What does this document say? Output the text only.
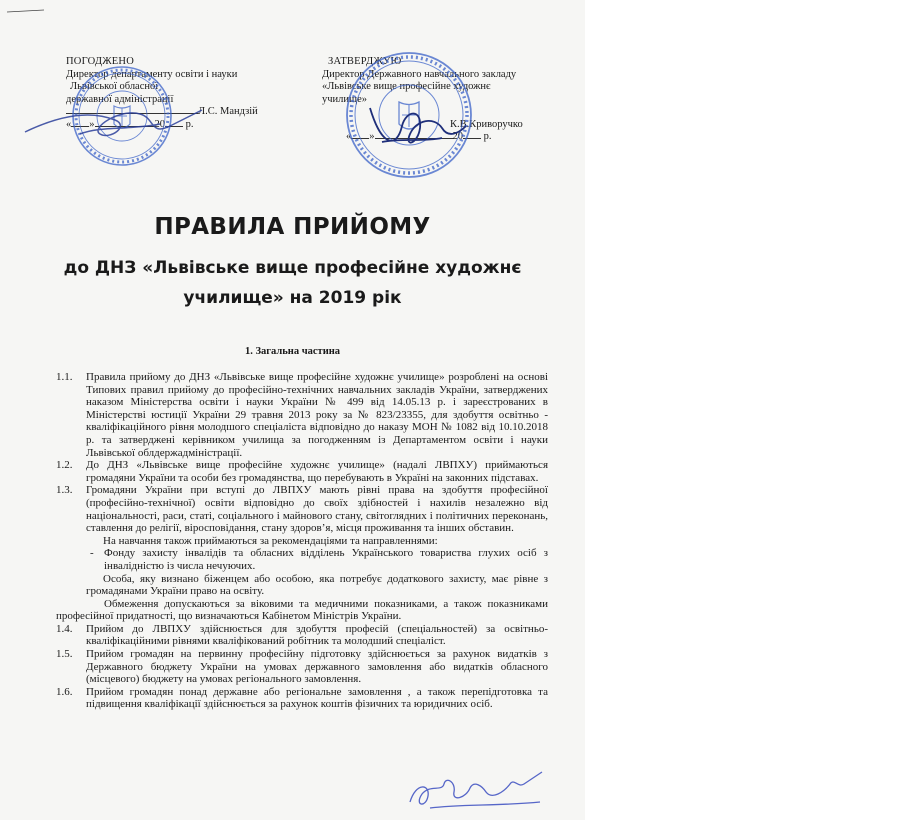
ПОГОДЖЕНО
Директор департаменту освіти і науки
Львівської обласної
державної адміністрації
Л.С. Мандзій
« »	20 р.
ЗАТВЕРДЖУЮ
Директор Державного навчального закладу
«Львівське вище професійне художнє
училище»
К.В.Криворучко
« »	20 р.
ПРАВИЛА ПРИЙОМУ
до ДНЗ «Львівське вище професійне художнє
училище» на 2019 рік
1. Загальна частина

1.1. Правила прийому до ДНЗ «Львівське вище професійне художнє училище» розроблені на основі Типових правил прийому до професійно-технічних навчальних закладів України, затверджених наказом Міністерства освіти і науки України № 499 від 14.05.13 р. і зареєстрованих в Міністерстві юстиції України 29 травня 2013 року за № 823/23355, для здобуття освітньо - кваліфікаційного рівня молодшого спеціаліста відповідно до наказу МОН № 1082 від 10.10.2018 р. та затверджені керівником училища за погодженням із Департаментом освіти і науки Львівської облдержадміністрації.

1.2. До ДНЗ «Львівське вище професійне художнє училище» (надалі ЛВПХУ) приймаються громадяни України та особи без громадянства, що перебувають в Україні на законних підставах.

1.3. Громадяни України при вступі до ЛВПХУ мають рівні права на здобуття професійної (професійно-технічної) освіти відповідно до своїх здібностей і нахилів незалежно від національності, раси, статі, соціального і майнового стану, світоглядних і політичних переконань, ставлення до релігії, віросповідання, стану здоров’я, місця проживання та інших обставин.

На навчання також приймаються за рекомендаціями та направленнями:

- Фонду захисту інвалідів та обласних відділень Українського товариства глухих осіб з інвалідністю із числа нечуючих.

Особа, яку визнано біженцем або особою, яка потребує додаткового захисту, має рівне з громадянами України право на освіту.

Обмеження допускаються за віковими та медичними показниками, а також показниками професійної придатності, що визначаються Кабінетом Міністрів України.

1.4. Прийом до ЛВПХУ здійснюється для здобуття професій (спеціальностей) за освітньо-кваліфікаційними рівнями кваліфікований робітник та молодший спеціаліст.

1.5. Прийом громадян на первинну професійну підготовку здійснюється за рахунок видатків з Державного бюджету України на умовах державного замовлення або видатків обласного (місцевого) бюджету на умовах регіонального замовлення.

1.6. Прийом громадян понад державне або регіональне замовлення , а також перепідготовка та підвищення кваліфікації здійснюється за рахунок коштів фізичних та юридичних осіб.
